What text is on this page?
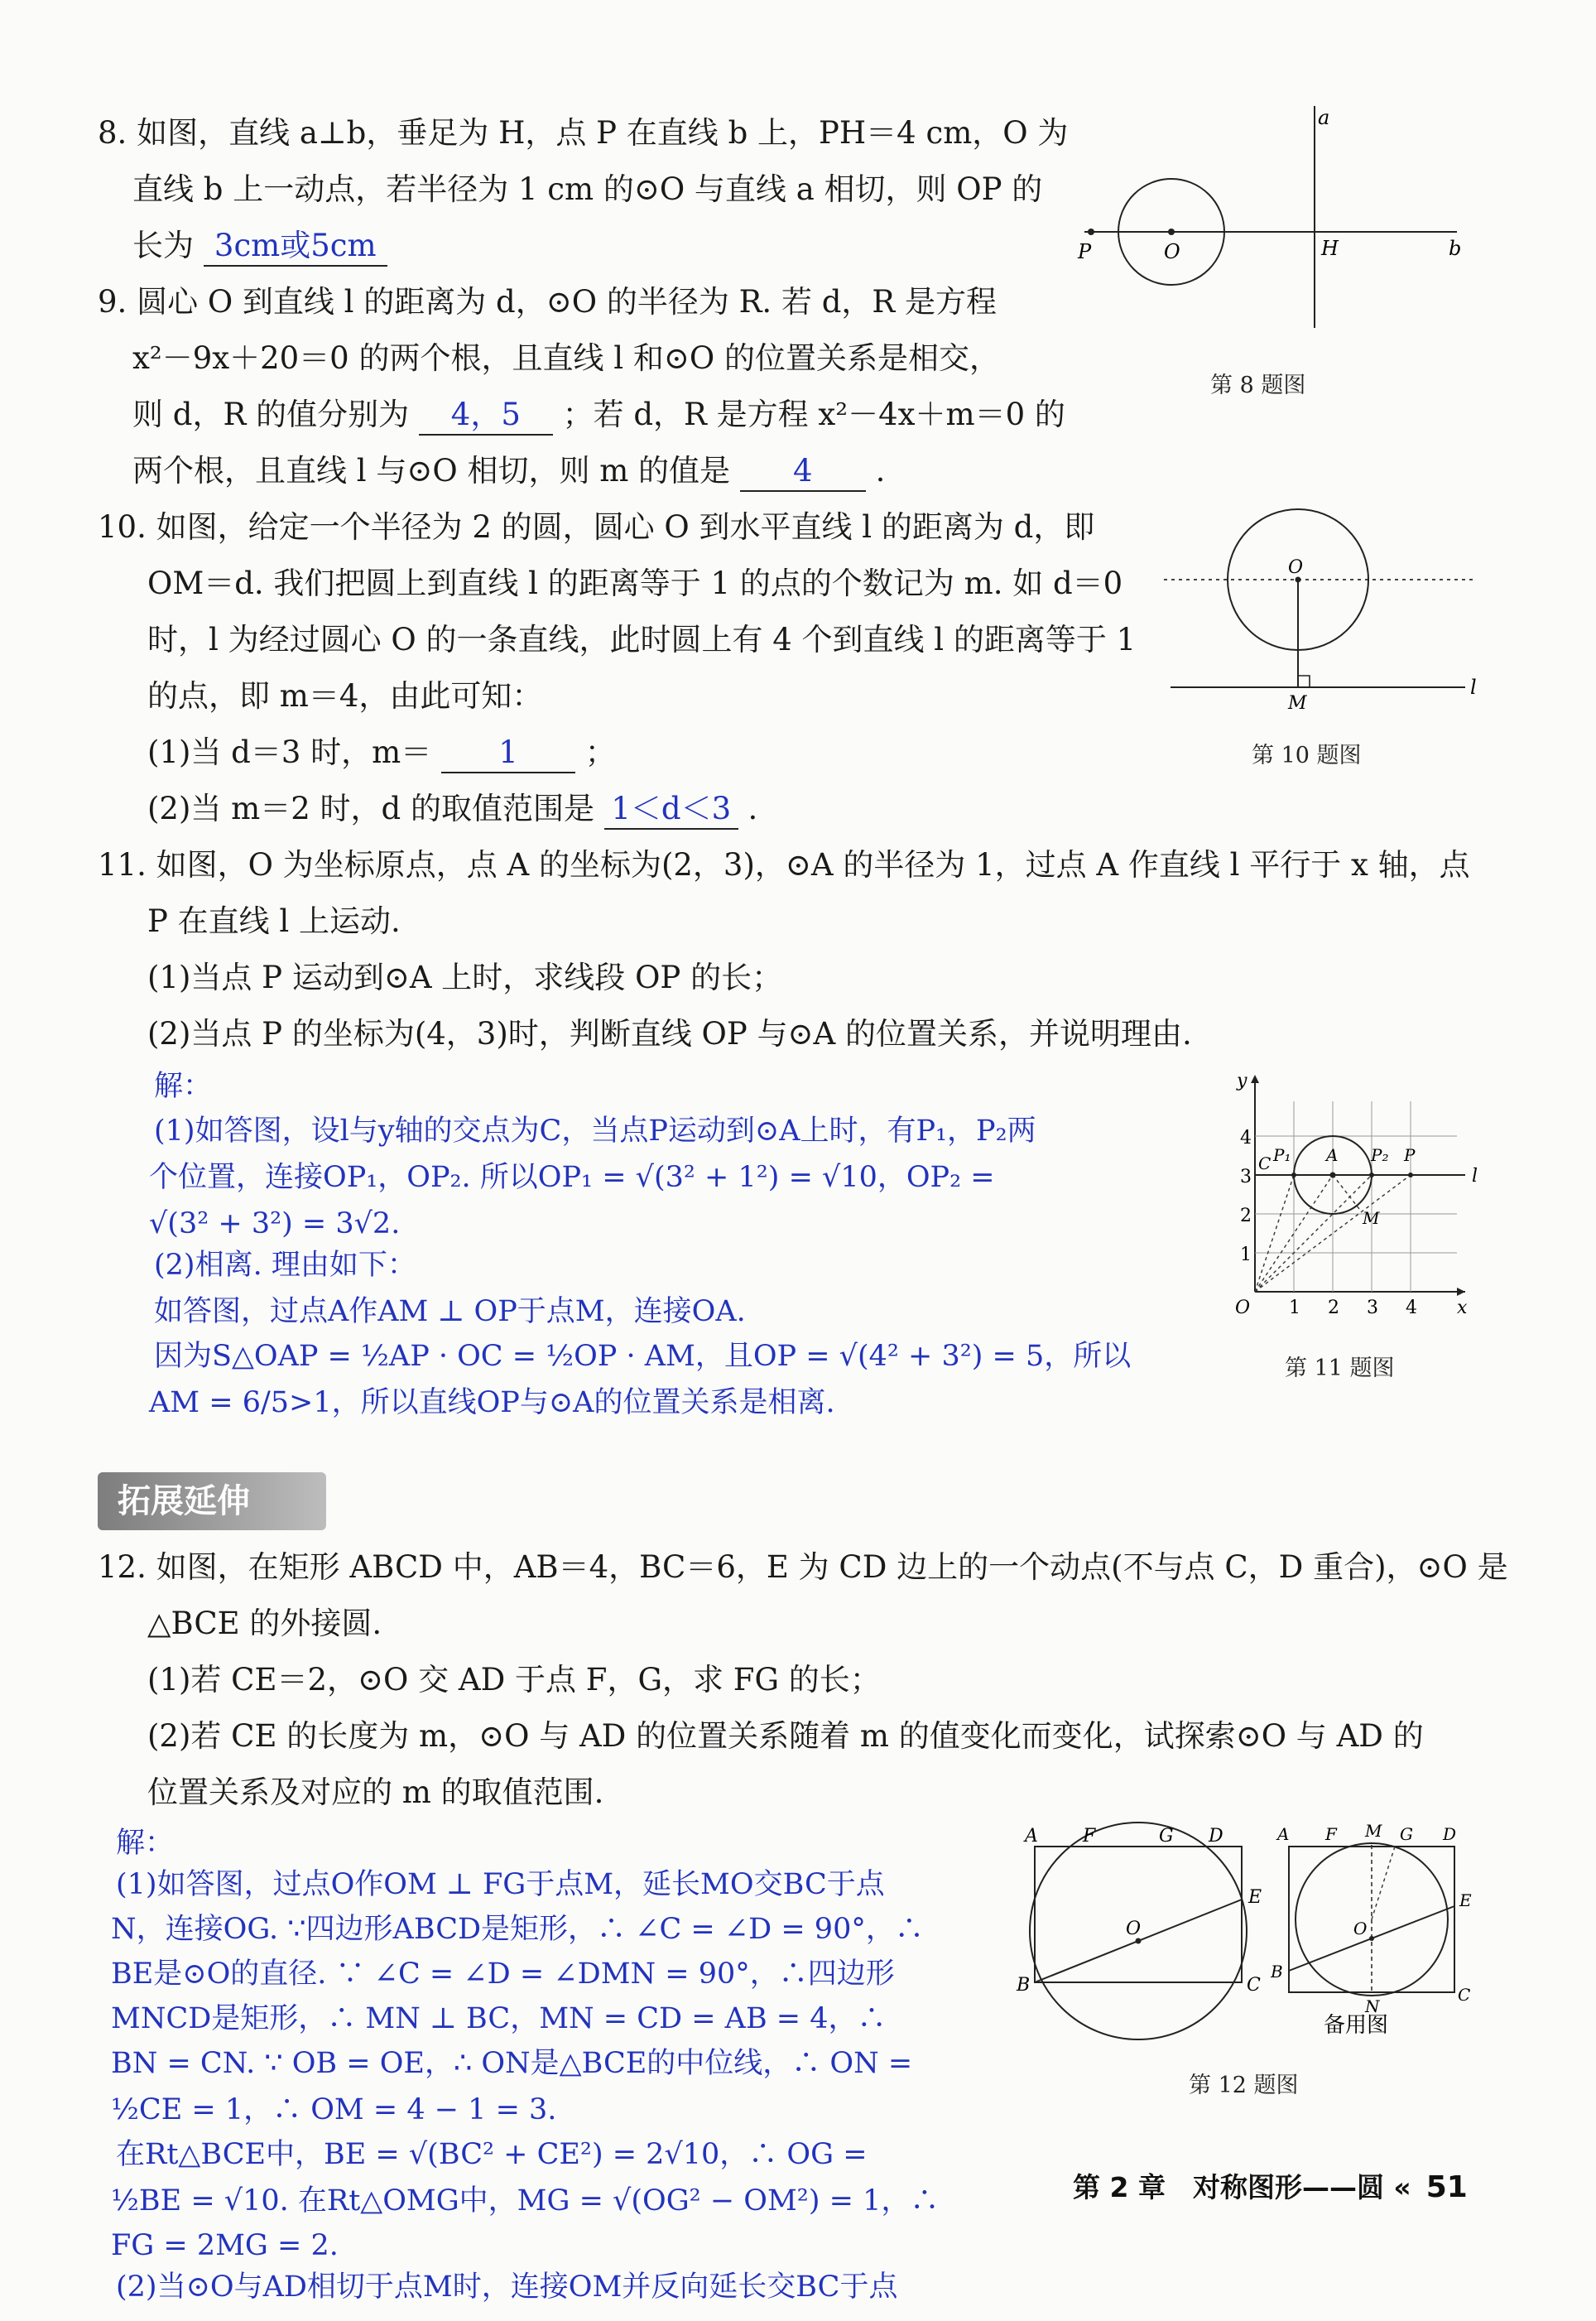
8. 如图，直线 a⊥b，垂足为 H，点 P 在直线 b 上，PH＝4 cm，O 为
直线 b 上一动点，若半径为 1 cm 的⊙O 与直线 a 相切，则 OP 的
长为 3cm或5cm
a
b
H
P	O
第 8 题图
9. 圆心 O 到直线 l 的距离为 d，⊙O 的半径为 R. 若 d，R 是方程
x²－9x＋20＝0 的两个根，且直线 l 和⊙O 的位置关系是相交，
则 d，R 的值分别为 4，5 ；若 d，R 是方程 x²－4x＋m＝0 的
两个根，且直线 l 与⊙O 相切，则 m 的值是 4 .
10. 如图，给定一个半径为 2 的圆，圆心 O 到水平直线 l 的距离为 d，即
OM＝d. 我们把圆上到直线 l 的距离等于 1 的点的个数记为 m. 如 d＝0
时，l 为经过圆心 O 的一条直线，此时圆上有 4 个到直线 l 的距离等于 1
的点，即 m＝4，由此可知：
(1)当 d＝3 时，m＝ 1 ；
(2)当 m＝2 时，d 的取值范围是 1＜d＜3 .
O
M
l
第 10 题图
11. 如图，O 为坐标原点，点 A 的坐标为(2，3)，⊙A 的半径为 1，过点 A 作直线 l 平行于 x 轴，点
P 在直线 l 上运动.
(1)当点 P 运动到⊙A 上时，求线段 OP 的长；
(2)当点 P 的坐标为(4，3)时，判断直线 OP 与⊙A 的位置关系，并说明理由.
解：
(1)如答图，设l与y轴的交点为C，当点P运动到⊙A上时，有P₁，P₂两
个位置，连接OP₁，OP₂. 所以OP₁ = √(3² + 1²) = √10，OP₂ =
√(3² + 3²) = 3√2.
(2)相离. 理由如下：
如答图，过点A作AM ⊥ OP于点M，连接OA.
因为S△OAP = ½AP · OC = ½OP · AM，且OP = √(4² + 3²) = 5，所以
AM = 6/5>1，所以直线OP与⊙A的位置关系是相离.
y
x
O
1
2
3
4
1 2 3 4
C P₁ A P₂ P
M
l
第 11 题图
拓展延伸
12. 如图，在矩形 ABCD 中，AB＝4，BC＝6，E 为 CD 边上的一个动点(不与点 C，D 重合)，⊙O 是
△BCE 的外接圆.
(1)若 CE＝2，⊙O 交 AD 于点 F，G，求 FG 的长；
(2)若 CE 的长度为 m，⊙O 与 AD 的位置关系随着 m 的值变化而变化，试探索⊙O 与 AD 的
位置关系及对应的 m 的取值范围.
解：
(1)如答图，过点O作OM ⊥ FG于点M，延长MO交BC于点
N，连接OG. ∵四边形ABCD是矩形，∴ ∠C = ∠D = 90°，∴
BE是⊙O的直径. ∵ ∠C = ∠D = ∠DMN = 90°，∴四边形
MNCD是矩形，∴ MN ⊥ BC，MN = CD = AB = 4，∴
BN = CN. ∵ OB = OE，∴ ON是△BCE的中位线，∴ ON =
½CE = 1，∴ OM = 4 − 1 = 3.
在Rt△BCE中，BE = √(BC² + CE²) = 2√10，∴ OG =
½BE = √10. 在Rt△OMG中，MG = √(OG² − OM²) = 1，∴
FG = 2MG = 2.
(2)当⊙O与AD相切于点M时，连接OM并反向延长交BC于点
A F	G D
E
O
B	C
A F M G D
E
O
B
N
C
备用图
第 12 题图
第 2 章　对称图形——圆 « 51
